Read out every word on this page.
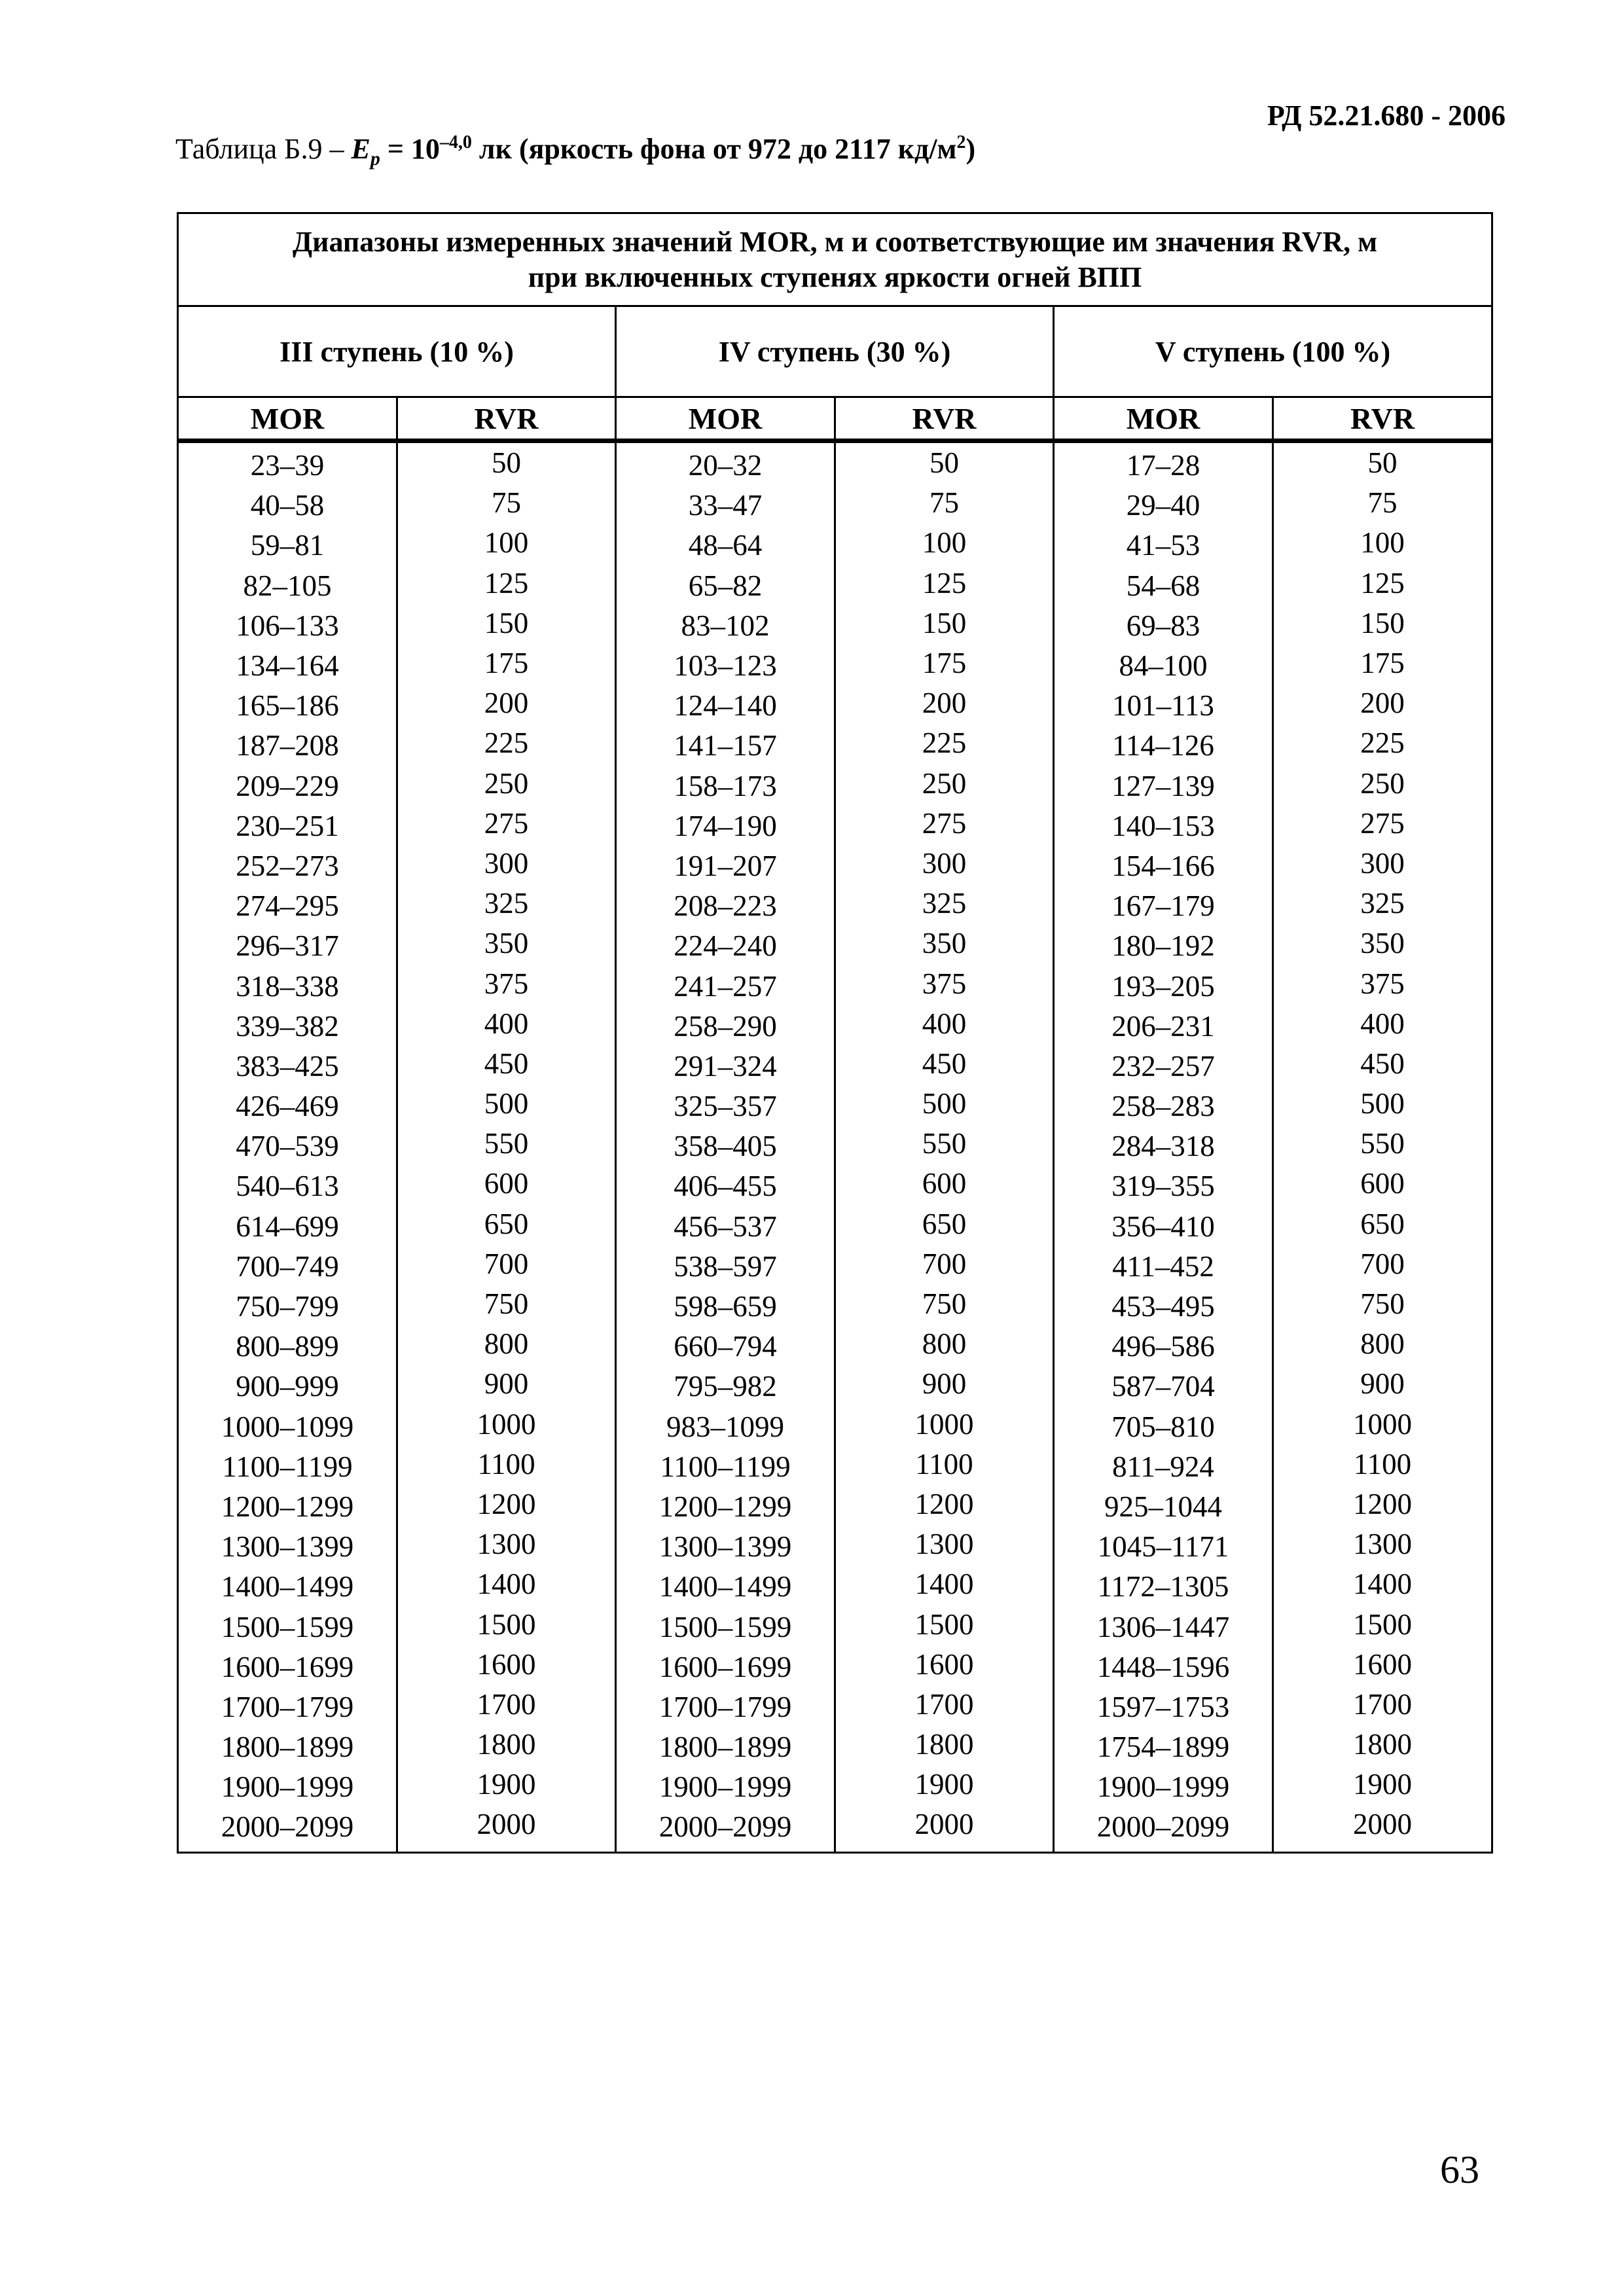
РД 52.21.680 - 2006
Таблица $Б.9 - E_p = 10^{-4,0}$ лк (яркость фона от 972 до 2117 $кд/м^2$)
Диапазоны измеренных значений MOR, м и соответствующие им значения RVR, м
при включенных ступенях яркости огней ВПП					

III ступень (10 %)		IV ступень (30 %)		V ступень (100 %)	
MOR	RVR	MOR	RVR	MOR	RVR
23–39	50	20–32	50	17–28	50
40–58	75	33–47	75	29–40	75
59–81	100	48–64	100	41–53	100
82–105	125	65–82	125	54–68	125
106–133	150	83–102	150	69–83	150
134–164	175	103–123	175	84–100	175
165–186	200	124–140	200	101–113	200
187–208	225	141–157	225	114–126	225
209–229	250	158–173	250	127–139	250
230–251	275	174–190	275	140–153	275
252–273	300	191–207	300	154–166	300
274–295	325	208–223	325	167–179	325
296–317	350	224–240	350	180–192	350
318–338	375	241–257	375	193–205	375
339–382	400	258–290	400	206–231	400
383–425	450	291–324	450	232–257	450
426–469	500	325–357	500	258–283	500
470–539	550	358–405	550	284–318	550
540–613	600	406–455	600	319–355	600
614–699	650	456–537	650	356–410	650
700–749	700	538–597	700	411–452	700
750–799	750	598–659	750	453–495	750
800–899	800	660–794	800	496–586	800
900–999	900	795–982	900	587–704	900
1000–1099	1000	983–1099	1000	705–810	1000
1100–1199	1100	1100–1199	1100	811–924	1100
1200–1299	1200	1200–1299	1200	925–1044	1200
1300–1399	1300	1300–1399	1300	1045–1171	1300
1400–1499	1400	1400–1499	1400	1172–1305	1400
1500–1599	1500	1500–1599	1500	1306–1447	1500
1600–1699	1600	1600–1699	1600	1448–1596	1600
1700–1799	1700	1700–1799	1700	1597–1753	1700
1800–1899	1800	1800–1899	1800	1754–1899	1800
1900–1999	1900	1900–1999	1900	1900–1999	1900
2000–2099	2000	2000–2099	2000	2000–2099	2000
63
